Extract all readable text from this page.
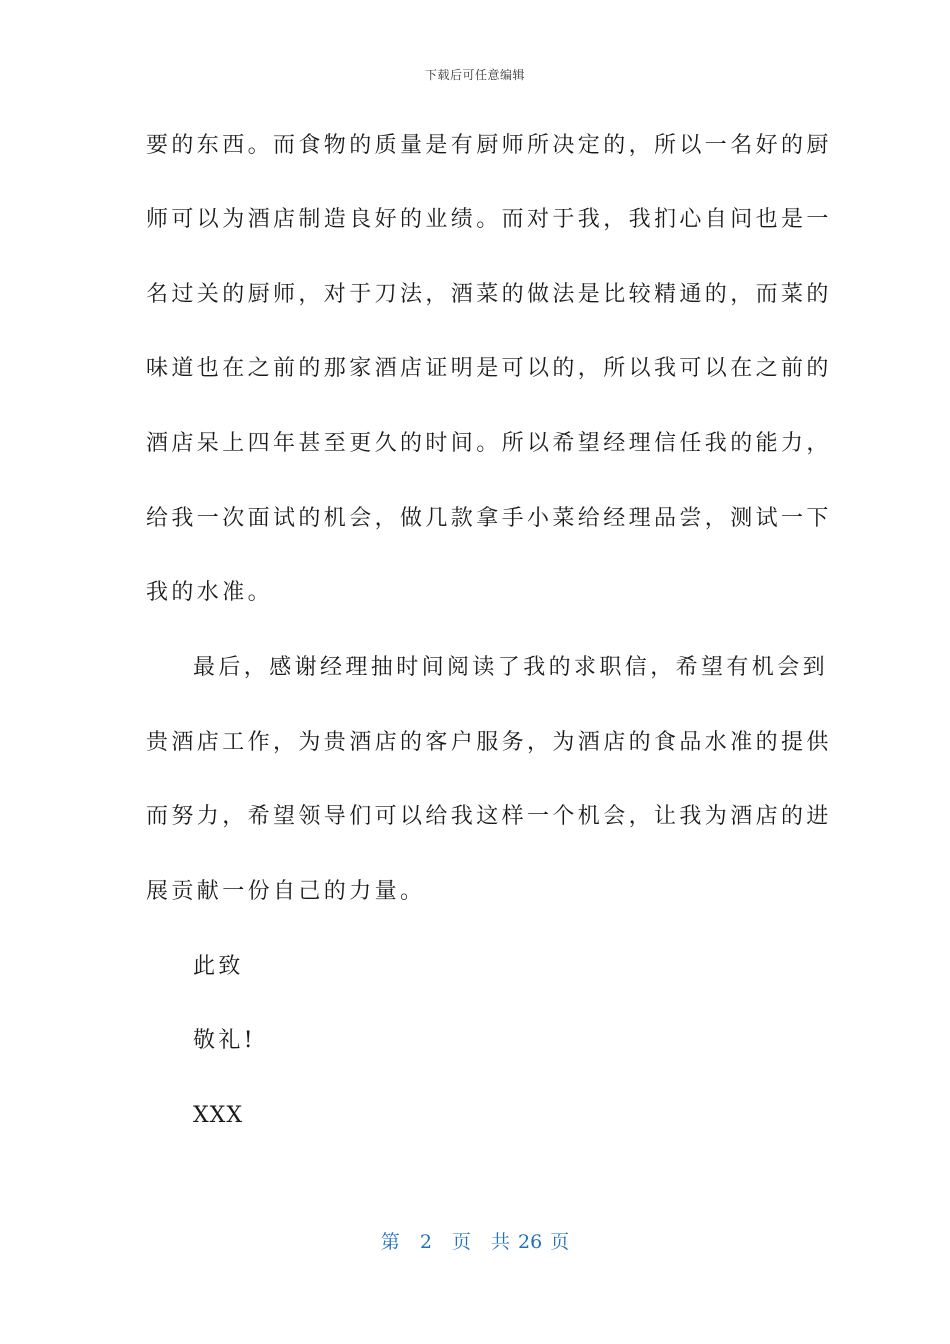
下载后可任意编辑
要的东西。而食物的质量是有厨师所决定的，所以一名好的厨
师可以为酒店制造良好的业绩。而对于我，我扪心自问也是一
名过关的厨师，对于刀法，酒菜的做法是比较精通的，而菜的
味道也在之前的那家酒店证明是可以的，所以我可以在之前的
酒店呆上四年甚至更久的时间。所以希望经理信任我的能力，
给我一次面试的机会，做几款拿手小菜给经理品尝，测试一下
我的水准。
最后，感谢经理抽时间阅读了我的求职信，希望有机会到
贵酒店工作，为贵酒店的客户服务，为酒店的食品水准的提供
而努力，希望领导们可以给我这样一个机会，让我为酒店的进
展贡献一份自己的力量。
此致
敬礼!
XXX
第 2 页 共 26 页
